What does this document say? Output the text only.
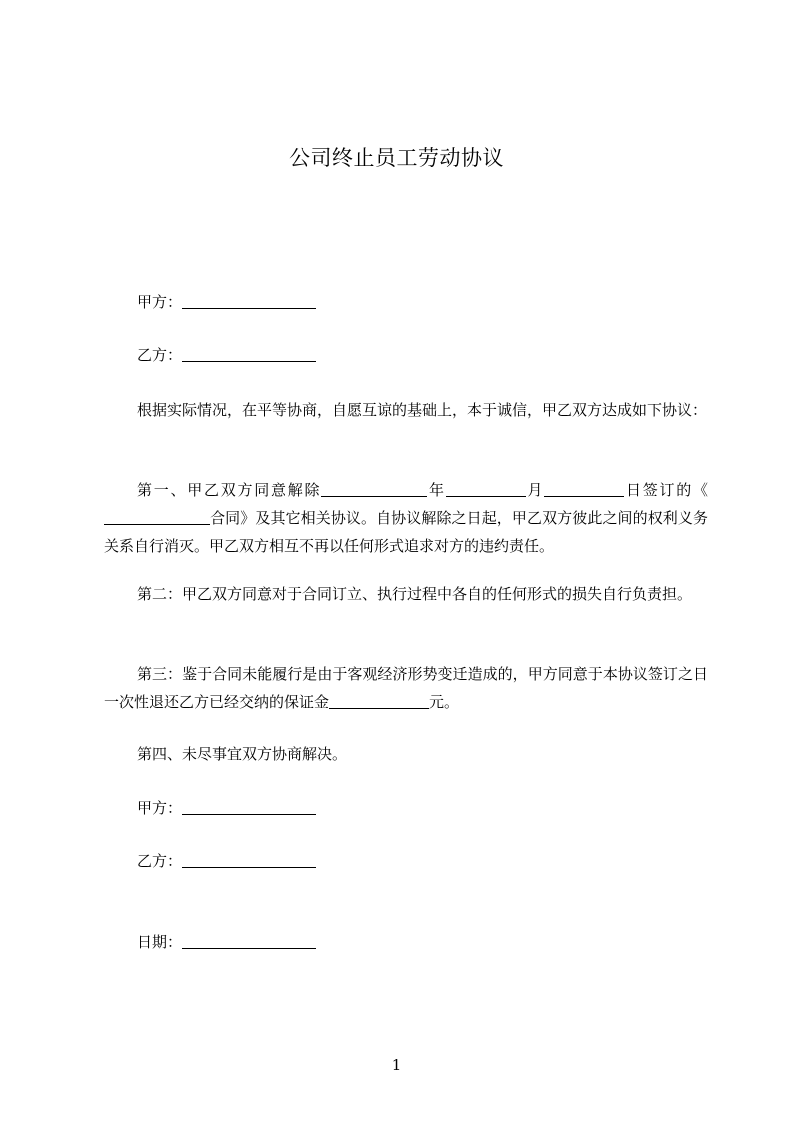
公司终止员工劳动协议
甲方：
乙方：

根据实际情况，在平等协商，自愿互谅的基础上，本于诚信，甲乙双方达成如下协议：

第一、甲乙双方同意解除	年	月	日签订的《合同》及其它相关协议。自协议解除之日起，甲乙双方彼此之间的权利义务关系自行消灭。甲乙双方相互不再以任何形式追求对方的违约责任。

第二：甲乙双方同意对于合同订立、执行过程中各自的任何形式的损失自行负责担。

第三：鉴于合同未能履行是由于客观经济形势变迁造成的，甲方同意于本协议签订之日一次性退还乙方已经交纳的保证金	元。

第四、未尽事宜双方协商解决。
甲方：
乙方：
日期：
1
